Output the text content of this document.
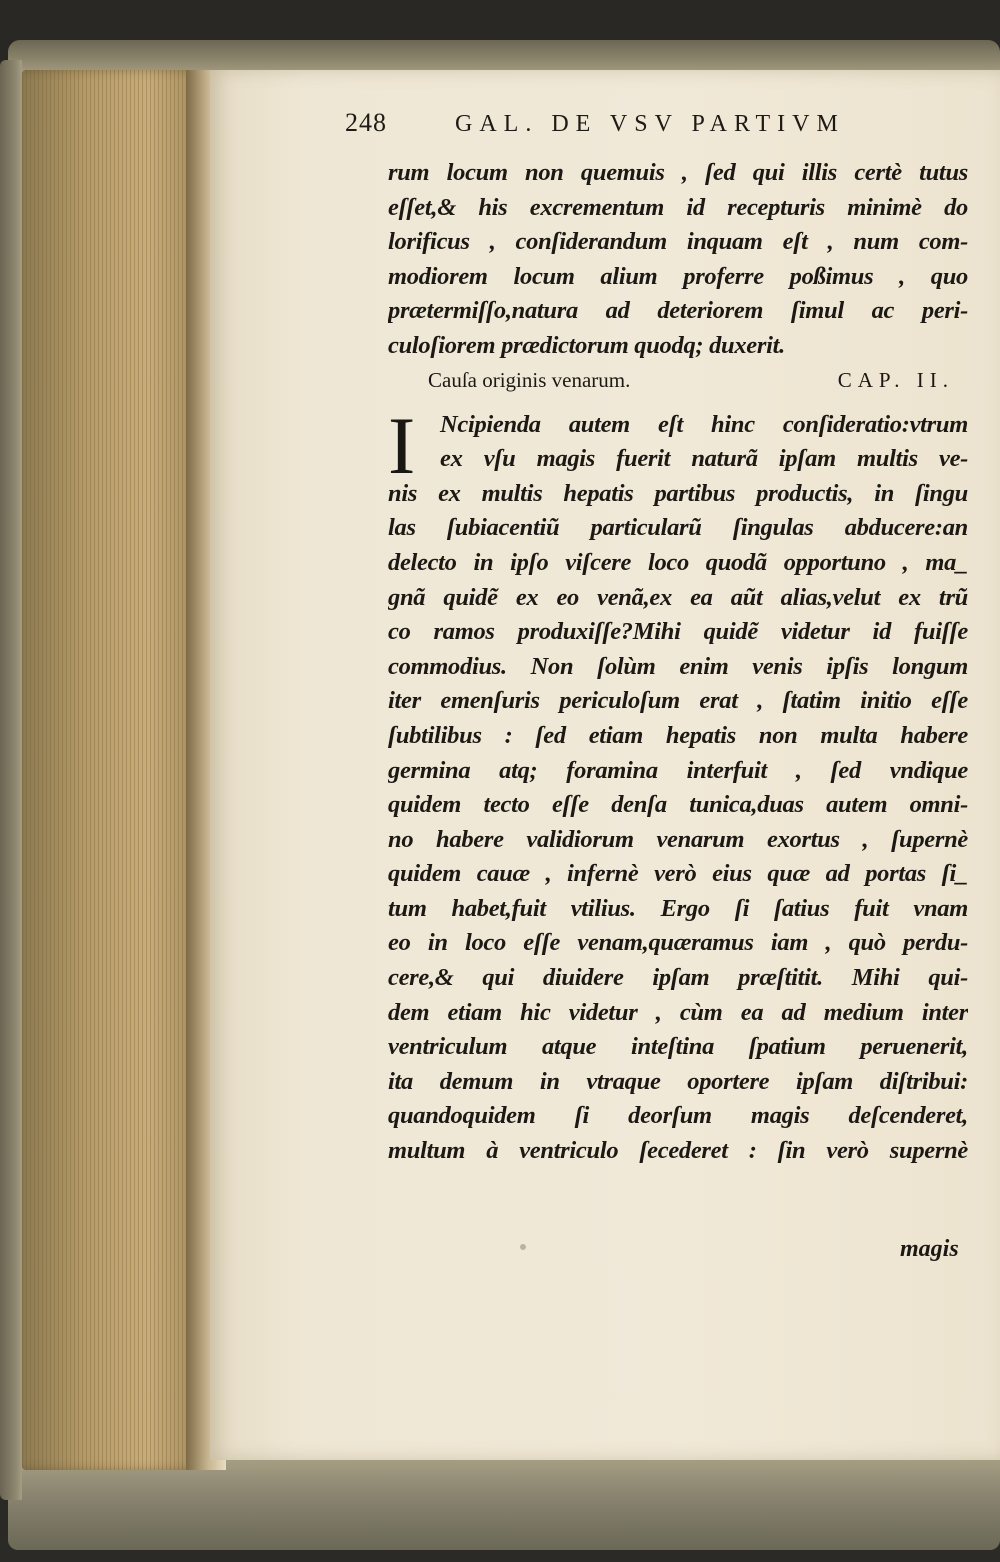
248	GAL. DE VSV PARTIVM
rum locum non quemuis , ſed qui illis certè tutus
eſſet,& his excrementum id recepturis minimè do
lorificus , conſiderandum inquam eſt , num com-
modiorem locum alium proferre poßimus , quo
prætermiſſo,natura ad deteriorem ſimul ac peri-
culoſiorem prædictorum quodq; duxerit.
Cauſa originis venarum.	CAP. II.
I	Ncipienda autem eſt hinc conſideratio:vtrum
ex vſu magis fuerit naturã ipſam multis ve-
nis ex multis hepatis partibus productis, in ſingu
las ſubiacentiũ particularũ ſingulas abducere:an
delecto in ipſo viſcere loco quodã opportuno , ma_
gnã quidẽ ex eo venã,ex ea aũt alias,velut ex trũ
co ramos produxiſſe?Mihi quidẽ videtur id fuiſſe
commodius. Non ſolùm enim venis ipſis longum
iter emenſuris periculoſum erat , ſtatim initio eſſe
ſubtilibus : ſed etiam hepatis non multa habere
germina atq; foramina interfuit , ſed vndique
quidem tecto eſſe denſa tunica,duas autem omni-
no habere validiorum venarum exortus , ſupernè
quidem cauæ , infernè verò eius quæ ad portas ſi_
tum habet,fuit vtilius. Ergo ſi ſatius fuit vnam
eo in loco eſſe venam,quæramus iam , quò perdu-
cere,& qui diuidere ipſam præſtitit. Mihi qui-
dem etiam hic videtur , cùm ea ad medium inter
ventriculum atque inteſtina ſpatium peruenerit,
ita demum in vtraque oportere ipſam diſtribui:
quandoquidem ſi deorſum magis deſcenderet,
multum à ventriculo ſecederet : ſin verò supernè
magis
